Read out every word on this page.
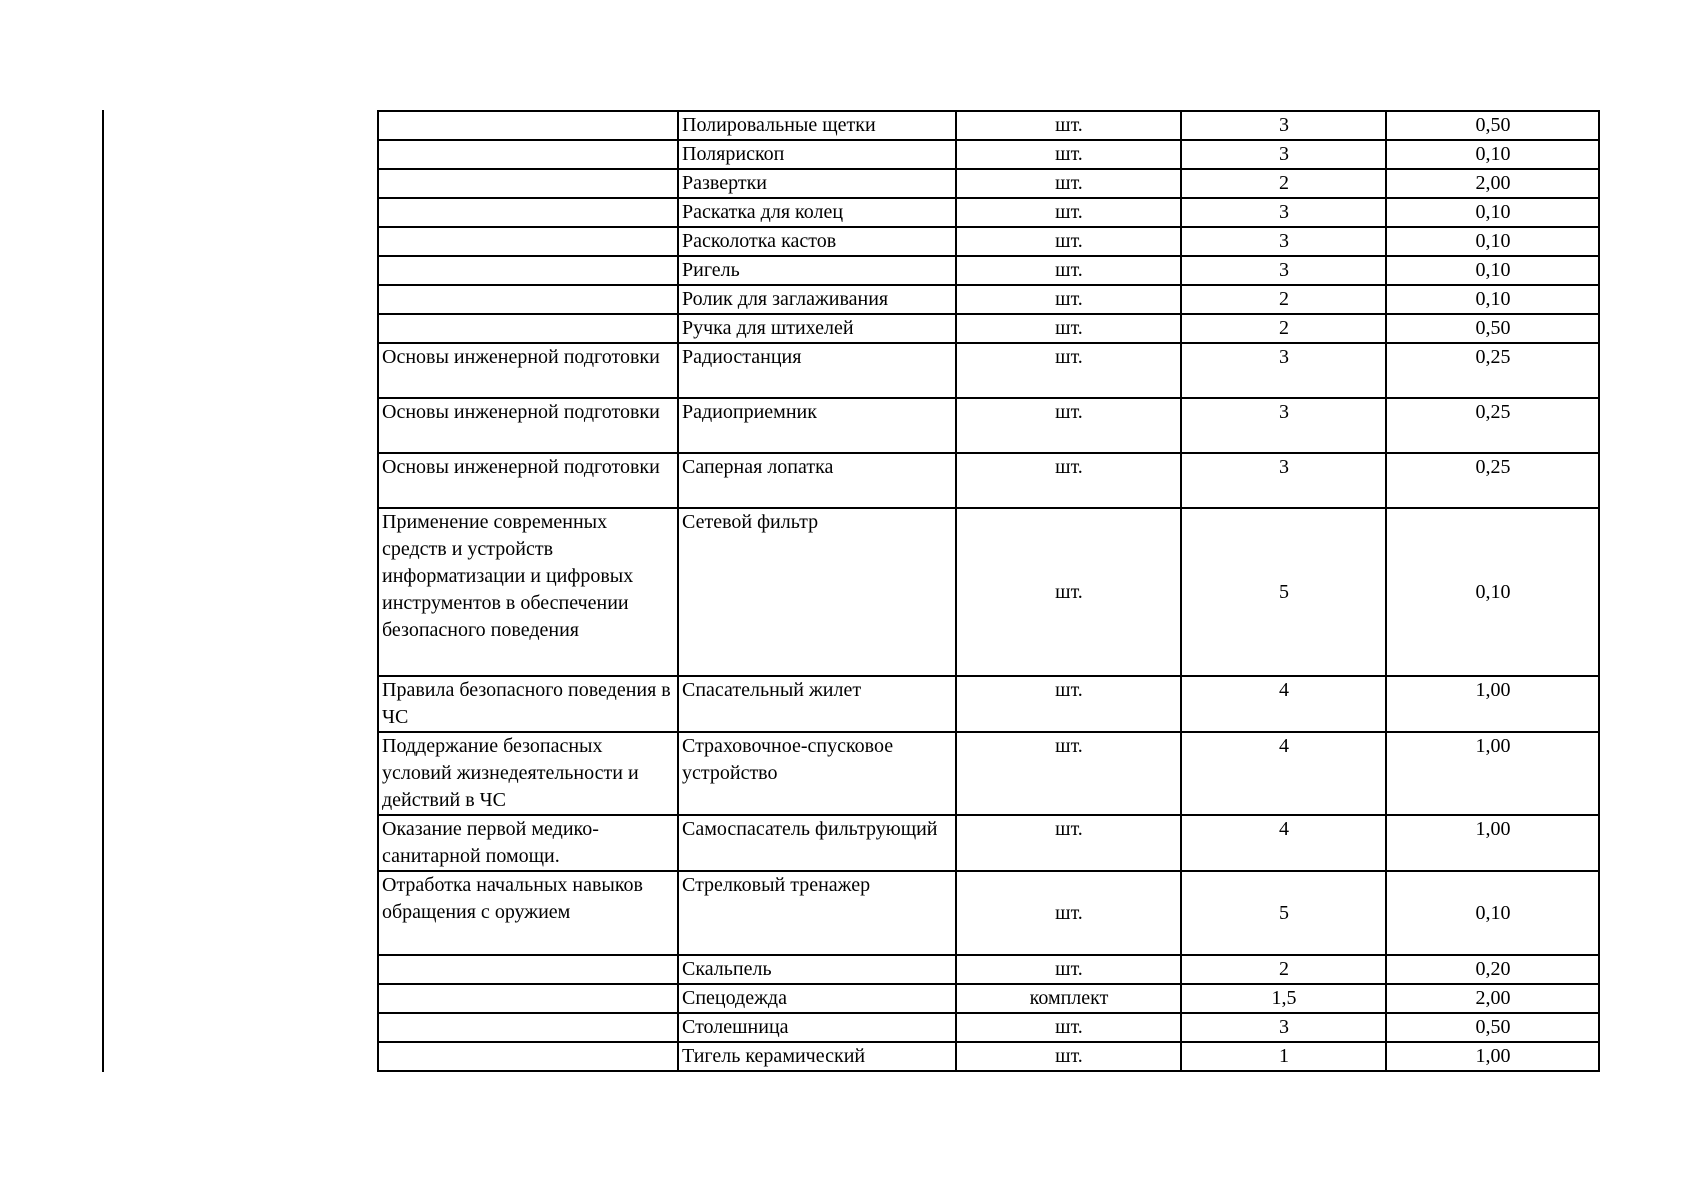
	Полировальные щетки	шт.	3	0,50
	Полярископ	шт.	3	0,10
	Развертки	шт.	2	2,00
	Раскатка для колец	шт.	3	0,10
	Расколотка кастов	шт.	3	0,10
	Ригель	шт.	3	0,10
	Ролик для заглаживания	шт.	2	0,10
	Ручка для штихелей	шт.	2	0,50
Основы инженерной подготовки	Радиостанция	шт.	3	0,25
Основы инженерной подготовки	Радиоприемник	шт.	3	0,25
Основы инженерной подготовки	Саперная лопатка	шт.	3	0,25
Применение современных средств и устройств информатизации и цифровых инструментов в обеспечении безопасного поведения	Сетевой фильтр	шт.	5	0,10
Правила безопасного поведения в ЧС	Спасательный жилет	шт.	4	1,00
Поддержание безопасных условий жизнедеятельности и действий в ЧС	Страховочное-спусковое устройство	шт.	4	1,00
Оказание первой медико-санитарной помощи.	Самоспасатель фильтрующий	шт.	4	1,00
Отработка начальных навыков обращения с оружием	Стрелковый тренажер	шт.	5	0,10
	Скальпель	шт.	2	0,20
	Спецодежда	комплект	1,5	2,00
	Столешница	шт.	3	0,50
	Тигель керамический	шт.	1	1,00
